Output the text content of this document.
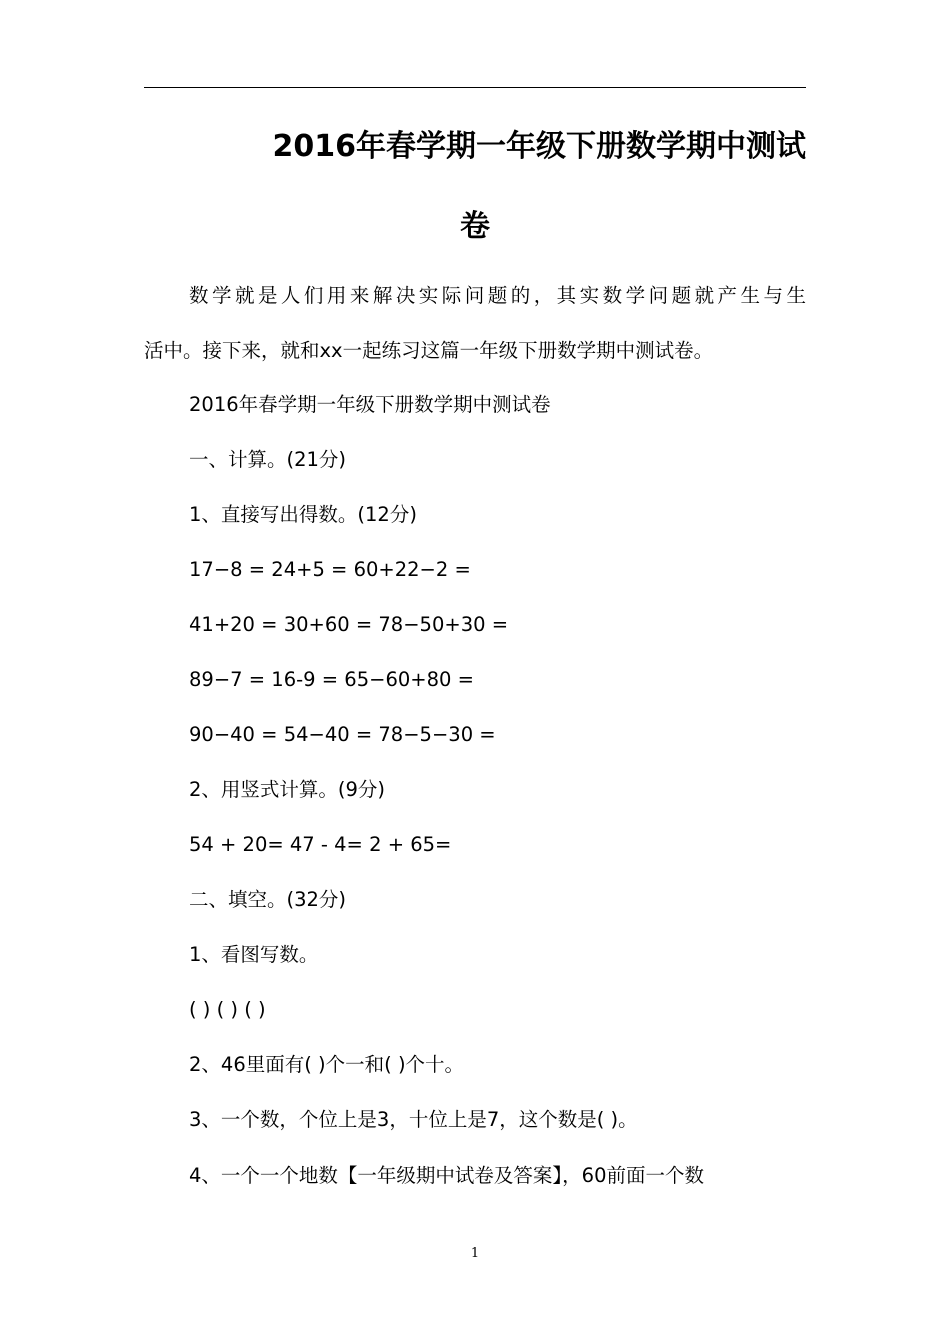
2016年春学期一年级下册数学期中测试
卷

数学就是人们用来解决实际问题的，其实数学问题就产生与生

活中。接下来，就和xx一起练习这篇一年级下册数学期中测试卷。

2016年春学期一年级下册数学期中测试卷

一、计算。(21分)

1、直接写出得数。(12分)

17−8 = 24+5 = 60+22−2 =

41+20 = 30+60 = 78−50+30 =

89−7 = 16-9 = 65−60+80 =

90−40 = 54−40 = 78−5−30 =

2、用竖式计算。(9分)

54 + 20= 47 - 4= 2 + 65=

二、填空。(32分)

1、看图写数。

( ) ( ) ( )

2、46里面有( )个一和( )个十。

3、一个数，个位上是3，十位上是7，这个数是( )。

4、一个一个地数【一年级期中试卷及答案】，60前面一个数

1
